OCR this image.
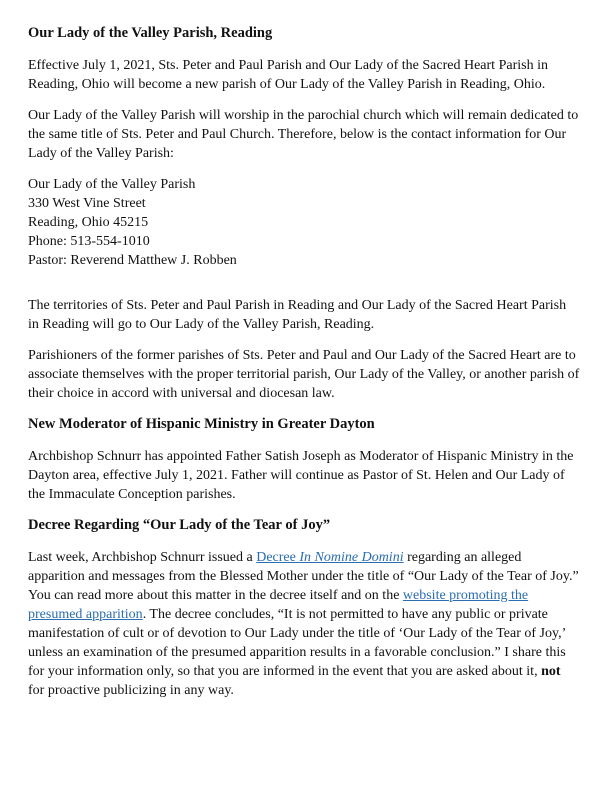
Our Lady of the Valley Parish, Reading

Effective July 1, 2021, Sts. Peter and Paul Parish and Our Lady of the Sacred Heart Parish in Reading, Ohio will become a new parish of Our Lady of the Valley Parish in Reading, Ohio.

Our Lady of the Valley Parish will worship in the parochial church which will remain dedicated to the same title of Sts. Peter and Paul Church. Therefore, below is the contact information for Our Lady of the Valley Parish:

Our Lady of the Valley Parish
330 West Vine Street
Reading, Ohio 45215
Phone: 513-554-1010
Pastor: Reverend Matthew J. Robben

The territories of Sts. Peter and Paul Parish in Reading and Our Lady of the Sacred Heart Parish in Reading will go to Our Lady of the Valley Parish, Reading.

Parishioners of the former parishes of Sts. Peter and Paul and Our Lady of the Sacred Heart are to associate themselves with the proper territorial parish, Our Lady of the Valley, or another parish of their choice in accord with universal and diocesan law.

New Moderator of Hispanic Ministry in Greater Dayton

Archbishop Schnurr has appointed Father Satish Joseph as Moderator of Hispanic Ministry in the Dayton area, effective July 1, 2021. Father will continue as Pastor of St. Helen and Our Lady of the Immaculate Conception parishes.

Decree Regarding “Our Lady of the Tear of Joy”

Last week, Archbishop Schnurr issued a Decree In Nomine Domini regarding an alleged apparition and messages from the Blessed Mother under the title of “Our Lady of the Tear of Joy.” You can read more about this matter in the decree itself and on the website promoting the presumed apparition. The decree concludes, “It is not permitted to have any public or private manifestation of cult or of devotion to Our Lady under the title of ‘Our Lady of the Tear of Joy,’ unless an examination of the presumed apparition results in a favorable conclusion.” I share this for your information only, so that you are informed in the event that you are asked about it, not for proactive publicizing in any way.
